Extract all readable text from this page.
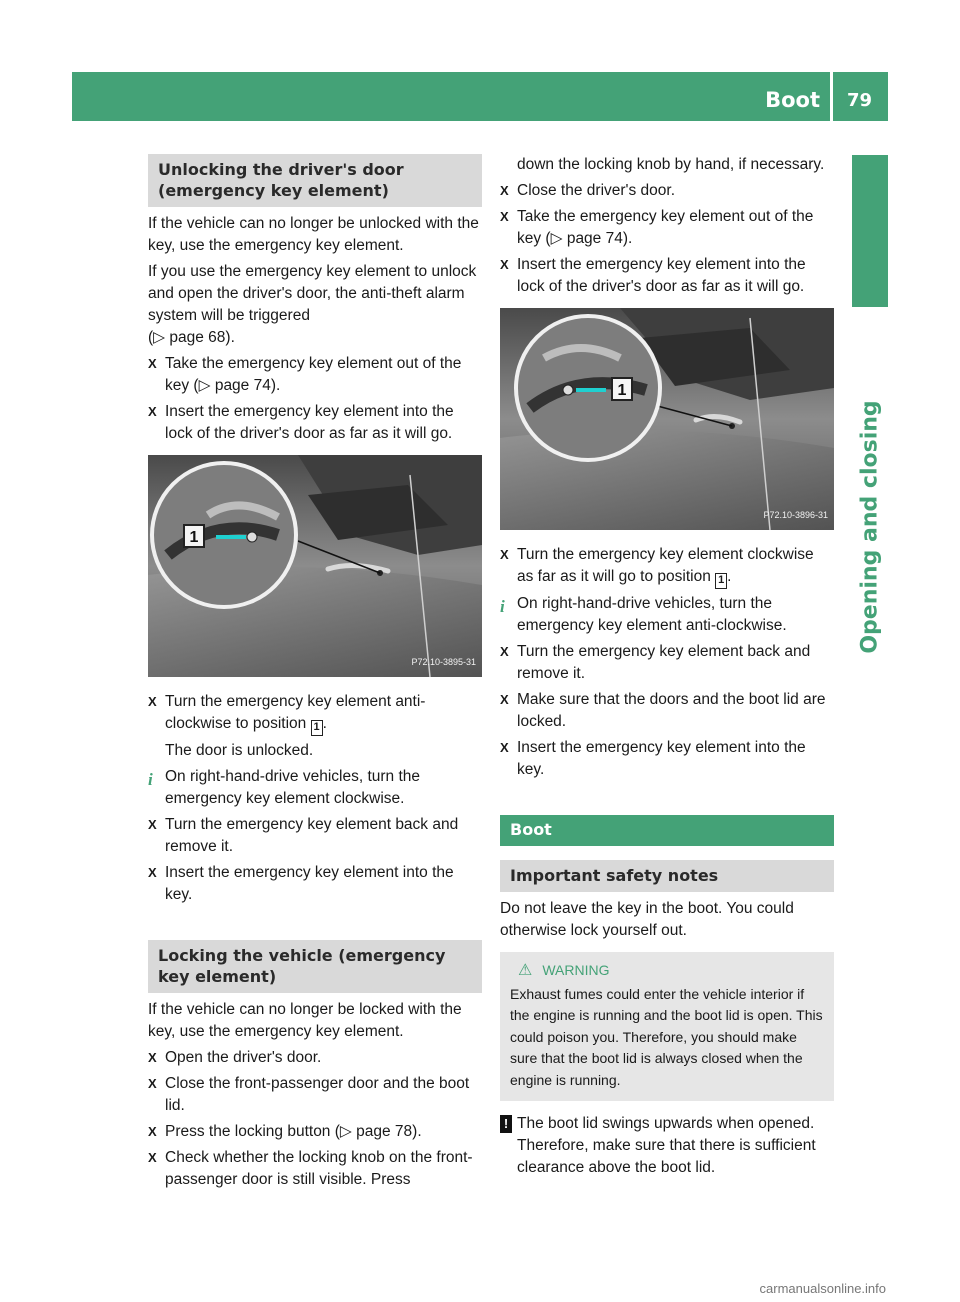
Boot 79
Opening and closing
Unlocking the driver's door (emergency key element)

If the vehicle can no longer be unlocked with the key, use the emergency key element.

If you use the emergency key element to unlock and open the driver's door, the anti-theft alarm system will be triggered
(▷ page 68).

X Take the emergency key element out of the key (▷ page 74).
X Insert the emergency key element into the lock of the driver's door as far as it will go.
1
P72.10-3895-31
X Turn the emergency key element anti-clockwise to position 1 .
The door is unlocked.
i On right-hand-drive vehicles, turn the emergency key element clockwise.
X Turn the emergency key element back and remove it.
X Insert the emergency key element into the key.
Locking the vehicle (emergency key element)

If the vehicle can no longer be locked with the key, use the emergency key element.

X Open the driver's door.
X Close the front-passenger door and the boot lid.
X Press the locking button (▷ page 78).
X Check whether the locking knob on the front-passenger door is still visible. Press
down the locking knob by hand, if necessary.
X Close the driver's door.
X Take the emergency key element out of the key (▷ page 74).
X Insert the emergency key element into the lock of the driver's door as far as it will go.
1
P72.10-3896-31
X Turn the emergency key element clockwise as far as it will go to position 1 .
i On right-hand-drive vehicles, turn the emergency key element anti-clockwise.
X Turn the emergency key element back and remove it.
X Make sure that the doors and the boot lid are locked.
X Insert the emergency key element into the key.
Boot
Important safety notes

Do not leave the key in the boot. You could otherwise lock yourself out.

⚠ WARNING
Exhaust fumes could enter the vehicle interior if the engine is running and the boot lid is open. This could poison you. Therefore, you should make sure that the boot lid is always closed when the engine is running.
! The boot lid swings upwards when opened. Therefore, make sure that there is sufficient clearance above the boot lid.
carmanualsonline.info
